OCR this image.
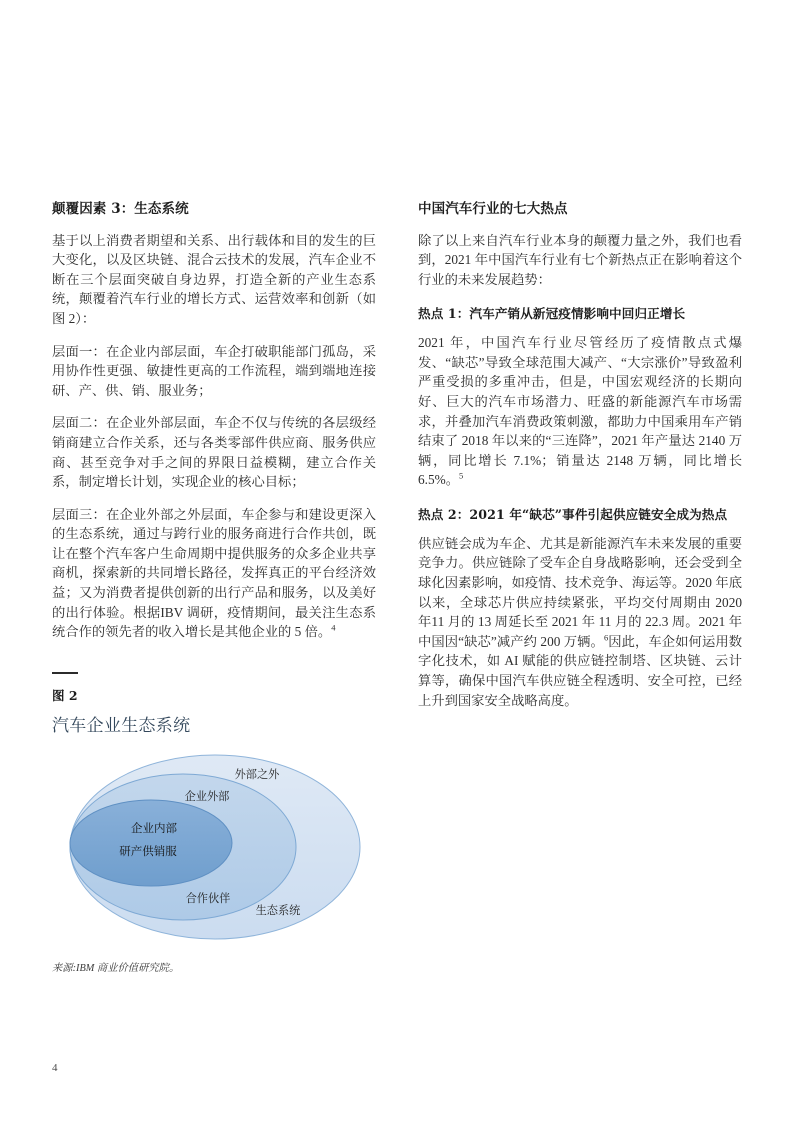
颠覆因素 3：生态系统

基于以上消费者期望和关系、出行载体和目的发生的巨大变化，以及区块链、混合云技术的发展，汽车企业不断在三个层面突破自身边界，打造全新的产业生态系统，颠覆着汽车行业的增长方式、运营效率和创新（如图 2）：

层面一：在企业内部层面，车企打破职能部门孤岛，采用协作性更强、敏捷性更高的工作流程，端到端地连接研、产、供、销、服业务；

层面二：在企业外部层面，车企不仅与传统的各层级经销商建立合作关系，还与各类零部件供应商、服务供应商、甚至竞争对手之间的界限日益模糊，建立合作关系，制定增长计划，实现企业的核心目标；

层面三：在企业外部之外层面，车企参与和建设更深入的生态系统，通过与跨行业的服务商进行合作共创，既让在整个汽车客户生命周期中提供服务的众多企业共享商机，探索新的共同增长路径，发挥真正的平台经济效益；又为消费者提供创新的出行产品和服务，以及美好的出行体验。根据IBV 调研，疫情期间，最关注生态系统合作的领先者的收入增长是其他企业的 5 倍。$^4$

图 2
汽车企业生态系统
外部之外
企业外部
企业内部
研产供销服
合作伙伴
生态系统
来源:IBM 商业价值研究院。
中国汽车行业的七大热点

除了以上来自汽车行业本身的颠覆力量之外，我们也看到，2021 年中国汽车行业有七个新热点正在影响着这个行业的未来发展趋势：

热点 1：汽车产销从新冠疫情影响中回归正增长

2021 年，中国汽车行业尽管经历了疫情散点式爆发、“缺芯”导致全球范围大减产、“大宗涨价”导致盈利严重受损的多重冲击，但是，中国宏观经济的长期向好、巨大的汽车市场潜力、旺盛的新能源汽车市场需求，并叠加汽车消费政策刺激，都助力中国乘用车产销结束了 2018 年以来的“三连降”，2021 年产量达 2140 万辆，同比增长 7.1%；销量达 2148 万辆，同比增长 6.5%。$^5$

热点 2：2021 年“缺芯”事件引起供应链安全成为热点

供应链会成为车企、尤其是新能源汽车未来发展的重要竞争力。供应链除了受车企自身战略影响，还会受到全球化因素影响，如疫情、技术竞争、海运等。2020 年底以来，全球芯片供应持续紧张，平均交付周期由 2020 年11 月的 13 周延长至 2021 年 11 月的 22.3 周。2021 年中国因“缺芯”减产约 200 万辆。$^6$因此，车企如何运用数字化技术，如 AI 赋能的供应链控制塔、区块链、云计算等，确保中国汽车供应链全程透明、安全可控，已经上升到国家安全战略高度。

4
